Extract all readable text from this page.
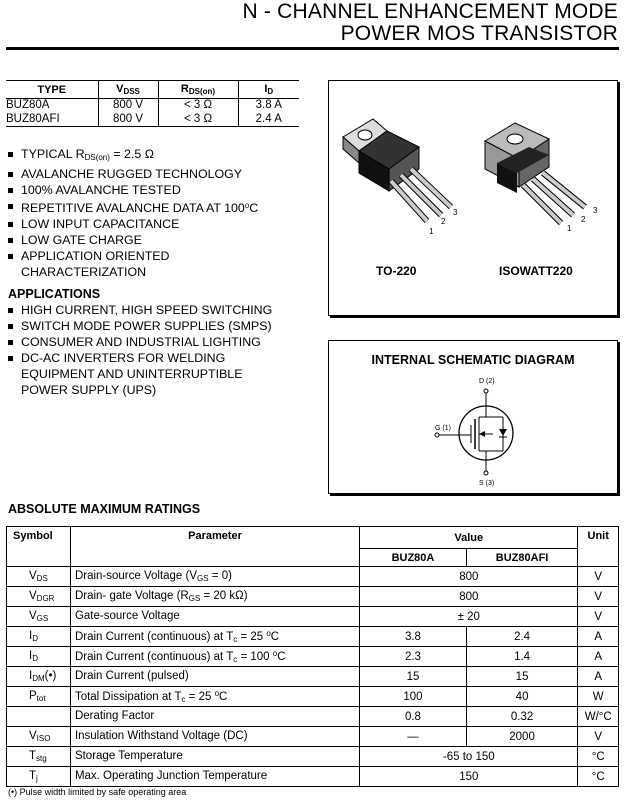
N - CHANNEL ENHANCEMENT MODE
POWER MOS TRANSISTOR
TYPE	$V_{DSS}$	$R_{DS(on)}$	$I_D$
BUZ80A	800 V	< 3 Ω	3.8 A
BUZ80AFI	800 V	< 3 Ω	2.4 A
TYPICAL $R_{DS(on)} = 2.5$ Ω
AVALANCHE RUGGED TECHNOLOGY
100% AVALANCHE TESTED
REPETITIVE AVALANCHE DATA AT 100$^o$C
LOW INPUT CAPACITANCE
LOW GATE CHARGE
APPLICATION ORIENTED
CHARACTERIZATION
APPLICATIONS
HIGH CURRENT, HIGH SPEED SWITCHING
SWITCH MODE POWER SUPPLIES (SMPS)
CONSUMER AND INDUSTRIAL LIGHTING
DC-AC INVERTERS FOR WELDING
EQUIPMENT AND UNINTERRUPTIBLE
POWER SUPPLY (UPS)
1
2
3
1
2
3
TO-220	ISOWATT220
INTERNAL SCHEMATIC DIAGRAM
D (2)
S (3)
G (1)
ABSOLUTE MAXIMUM RATINGS
Symbol	Parameter	Value		Unit
		BUZ80A	BUZ80AFI	
$V_{DS}$	Drain-source Voltage $(V_{GS} = 0)$	800		V
$V_{DGR}$	Drain- gate Voltage ($R_{GS} = 20$ kΩ)	800		V
$V_{GS}$	Gate-source Voltage	± 20		V
$I_D$	Drain Current (continuous) at $T_c = 25$ $^o$C	3.8	2.4	A
$I_D$	Drain Current (continuous) at $T_c = 100$ $^o$C	2.3	1.4	A
$I_{DM}(•)$	Drain Current (pulsed)	15	15	A
$P_{tot}$	Total Dissipation at $T_c = 25$ $^o$C	100	40	W
	Derating Factor	0.8	0.32	W/°C
$V_{ISO}$	Insulation Withstand Voltage (DC)	—	2000	V
$T_{stg}$	Storage Temperature	-65 to 150		°C
$T_j$	Max. Operating Junction Temperature	150		°C
(•) Pulse width limited by safe operating area
